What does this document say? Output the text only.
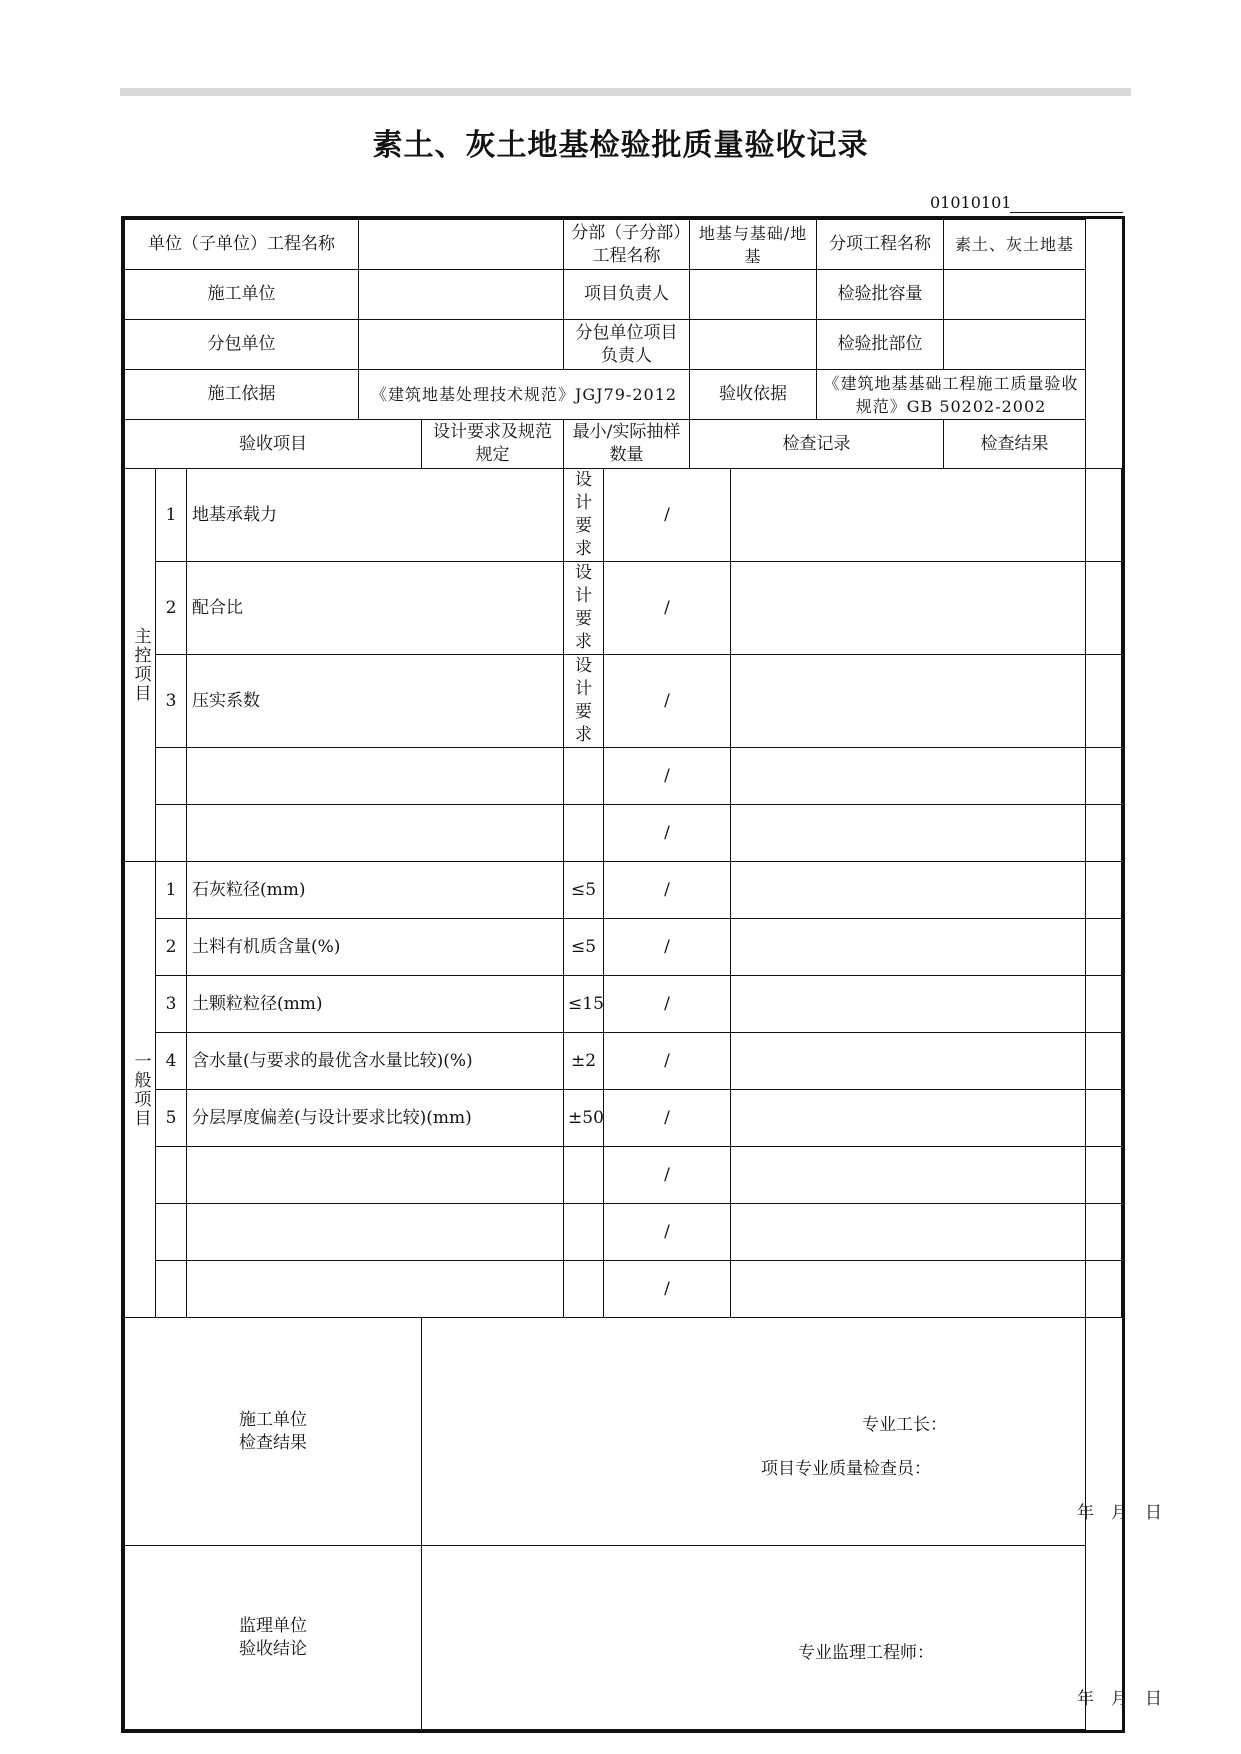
素土、灰土地基检验批质量验收记录
01010101
单位（子单位）工程名称					分部（子分部）工程名称		地基与基础/地基		分项工程名称	素土、灰土地基	
施工单位					项目负责人				检验批容量		
分包单位					分包单位项目负责人				检验批部位		
施工依据			《建筑地基处理技术规范》JGJ79-2012				验收依据		《建筑地基基础工程施工质量验收规范》GB 50202-2002		
验收项目				设计要求及规范规定	最小/实际抽样数量		检查记录			检查结果	
主控项目	1	地基承载力			设计要求	/					
	2	配合比			设计要求	/					
	3	压实系数			设计要求	/					
						/					
						/					
一般项目	1	石灰粒径(mm)			≤5	/					
	2	土料有机质含量(%)			≤5	/					
	3	土颗粒粒径(mm)			≤15	/					
	4	含水量(与要求的最优含水量比较)(%)			±2	/					
	5	分层厚度偏差(与设计要求比较)(mm)			±50	/					
						/					
						/					
						/					

施工单位检查结果				专业工长：
项目专业质量检查员：
年　月　日							

监理单位验收结论				专业监理工程师：
年　月　日							
